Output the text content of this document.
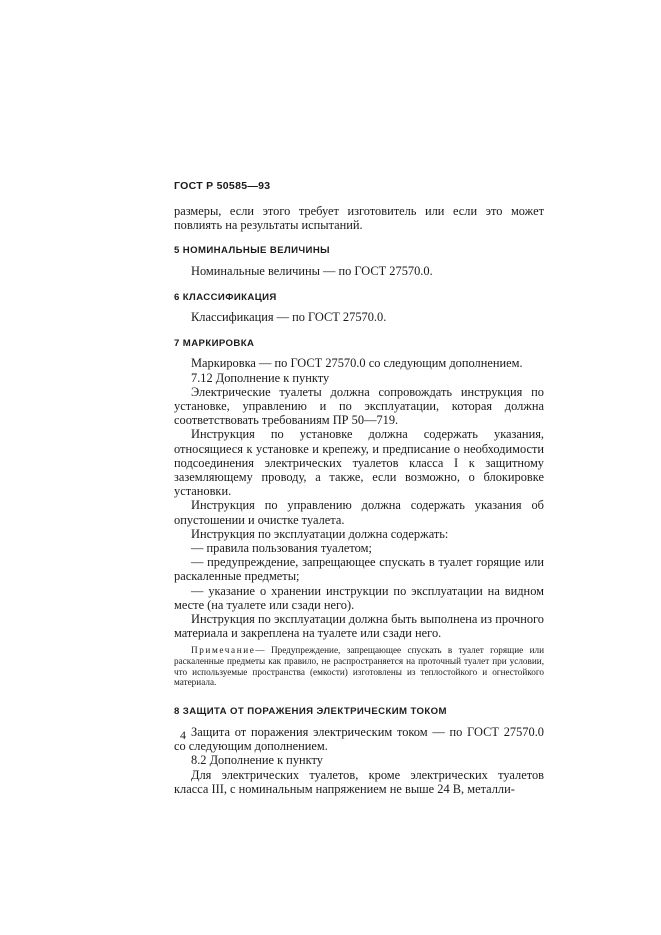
ГОСТ Р 50585—93

размеры, если этого требует изготовитель или если это может повлиять на результаты испытаний.

5 НОМИНАЛЬНЫЕ ВЕЛИЧИНЫ

Номинальные величины — по ГОСТ 27570.0.

6 КЛАССИФИКАЦИЯ

Классификация — по ГОСТ 27570.0.

7 МАРКИРОВКА

Маркировка — по ГОСТ 27570.0 со следующим дополнением.

7.12 Дополнение к пункту

Электрические туалеты должна сопровождать инструкция по установке, управлению и по эксплуатации, которая должна соответствовать требованиям ПР 50—719.

Инструкция по установке должна содержать указания, относящиеся к установке и крепежу, и предписание о необходимости подсоединения электрических туалетов класса I к защитному заземляющему проводу, а также, если возможно, о блокировке установки.

Инструкция по управлению должна содержать указания об опустошении и очистке туалета.

Инструкция по эксплуатации должна содержать:

— правила пользования туалетом;

— предупреждение, запрещающее спускать в туалет горящие или раскаленные предметы;

— указание о хранении инструкции по эксплуатации на видном месте (на туалете или сзади него).

Инструкция по эксплуатации должна быть выполнена из прочного материала и закреплена на туалете или сзади него.

Примечание— Предупреждение, запрещающее спускать в туалет горящие или раскаленные предметы как правило, не распространяется на проточный туалет при условии, что используемые пространства (емкости) изготовлены из теплостойкого и огнестойкого материала.

8 ЗАЩИТА ОТ ПОРАЖЕНИЯ ЭЛЕКТРИЧЕСКИМ ТОКОМ

Защита от поражения электрическим током — по ГОСТ 27570.0 со следующим дополнением.

8.2 Дополнение к пункту

Для электрических туалетов, кроме электрических туалетов класса III, с номинальным напряжением не выше 24 В, металли-

4
